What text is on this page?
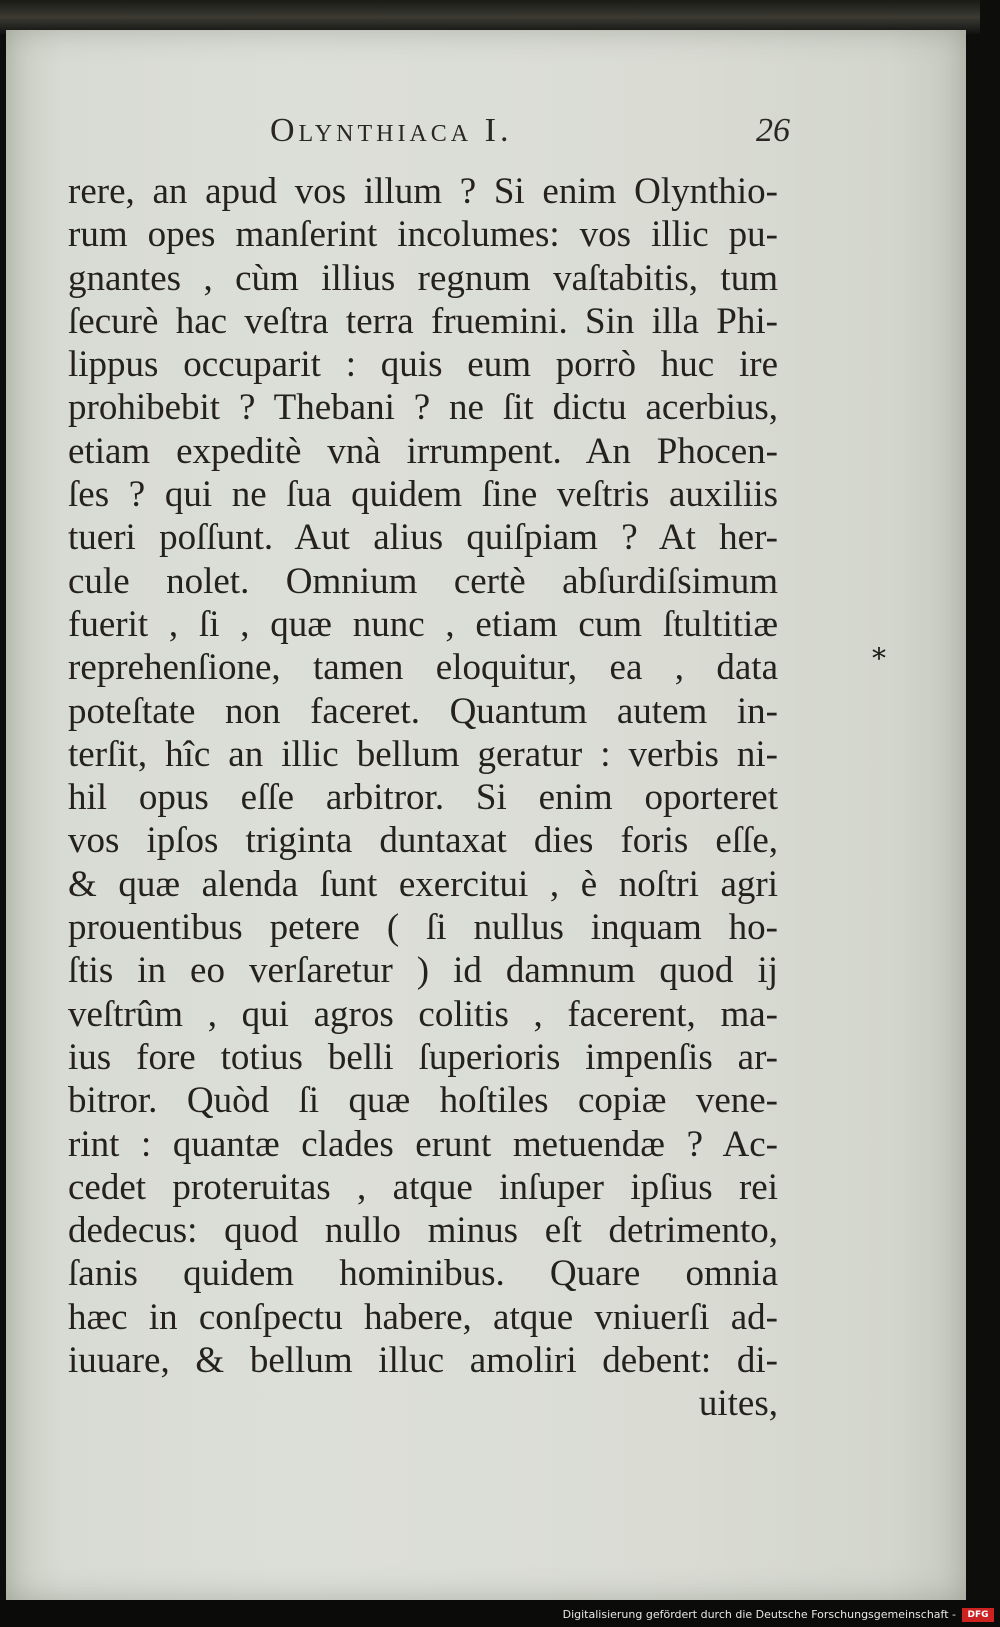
Olynthiaca I.	26
rere, an apud vos illum ? Si enim Olynthio-
rum opes manſerint incolumes: vos illic pu-
gnantes , cùm illius regnum vaſtabitis, tum
ſecurè hac veſtra terra fruemini. Sin illa Phi-
lippus occuparit : quis eum porrò huc ire
prohibebit ? Thebani ? ne ſit dictu acerbius,
etiam expeditè vnà irrumpent. An Phocen-
ſes ? qui ne ſua quidem ſine veſtris auxiliis
tueri poſſunt. Aut alius quiſpiam ? At her-
cule nolet. Omnium certè abſurdiſsimum
fuerit , ſi , quæ nunc , etiam cum ſtultitiæ
reprehenſione, tamen eloquitur, ea , data
poteſtate non faceret. Quantum autem in-
terſit, hîc an illic bellum geratur : verbis ni-
hil opus eſſe arbitror. Si enim oporteret
vos ipſos triginta duntaxat dies foris eſſe,
& quæ alenda ſunt exercitui , è noſtri agri
prouentibus petere ( ſi nullus inquam ho-
ſtis in eo verſaretur ) id damnum quod ij
veſtrûm , qui agros colitis , facerent, ma-
ius fore totius belli ſuperioris impenſis ar-
bitror. Quòd ſi quæ hoſtiles copiæ vene-
rint : quantæ clades erunt metuendæ ? Ac-
cedet proteruitas , atque inſuper ipſius rei
dedecus: quod nullo minus eſt detrimento,
ſanis quidem hominibus. Quare omnia
hæc in conſpectu habere, atque vniuerſi ad-
iuuare, & bellum illuc amoliri debent: di-
uites,
*
Digitalisierung gefördert durch die Deutsche Forschungsgemeinschaft -	DFG
